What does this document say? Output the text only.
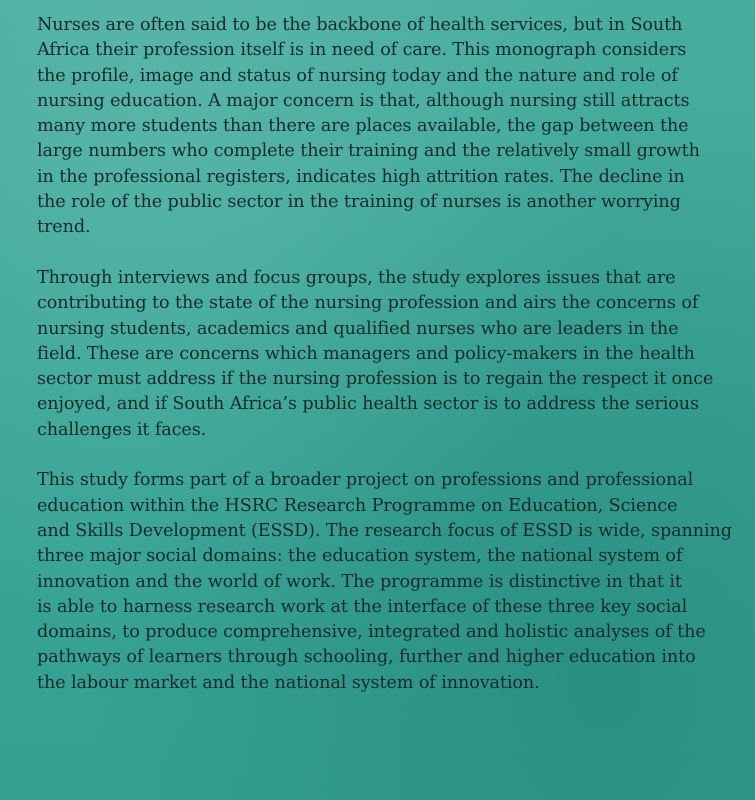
Nurses are often said to be the backbone of health services, but in South
Africa their profession itself is in need of care. This monograph considers
the profile, image and status of nursing today and the nature and role of
nursing education. A major concern is that, although nursing still attracts
many more students than there are places available, the gap between the
large numbers who complete their training and the relatively small growth
in the professional registers, indicates high attrition rates. The decline in
the role of the public sector in the training of nurses is another worrying
trend.

Through interviews and focus groups, the study explores issues that are
contributing to the state of the nursing profession and airs the concerns of
nursing students, academics and qualified nurses who are leaders in the
field. These are concerns which managers and policy-makers in the health
sector must address if the nursing profession is to regain the respect it once
enjoyed, and if South Africa’s public health sector is to address the serious
challenges it faces.

This study forms part of a broader project on professions and professional
education within the HSRC Research Programme on Education, Science
and Skills Development (ESSD). The research focus of ESSD is wide, spanning
three major social domains: the education system, the national system of
innovation and the world of work. The programme is distinctive in that it
is able to harness research work at the interface of these three key social
domains, to produce comprehensive, integrated and holistic analyses of the
pathways of learners through schooling, further and higher education into
the labour market and the national system of innovation.
